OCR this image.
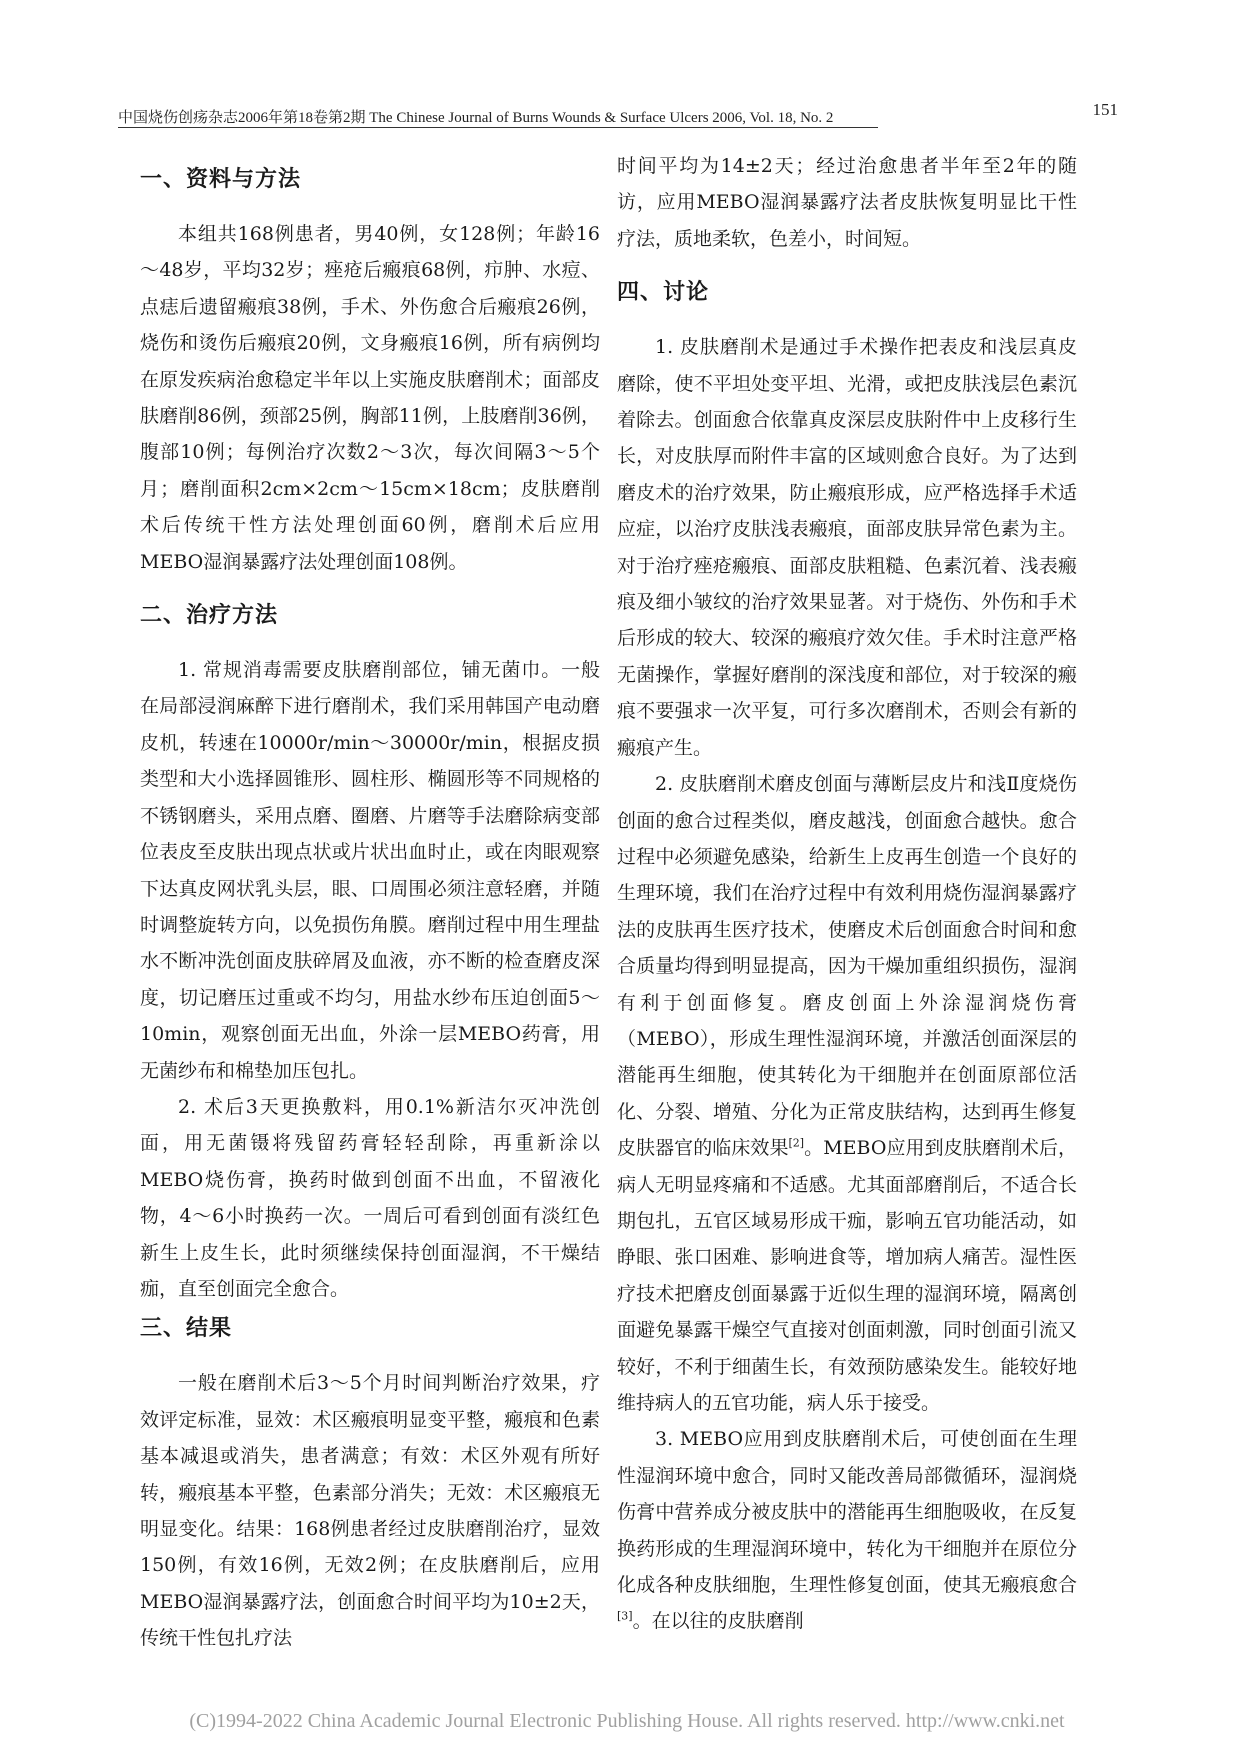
中国烧伤创疡杂志2006年第18卷第2期 The Chinese Journal of Burns Wounds & Surface Ulcers 2006, Vol. 18, No. 2	151
一、资料与方法

本组共168例患者，男40例，女128例；年龄16～48岁，平均32岁；痤疮后瘢痕68例，疖肿、水痘、点痣后遗留瘢痕38例，手术、外伤愈合后瘢痕26例，烧伤和烫伤后瘢痕20例，文身瘢痕16例，所有病例均在原发疾病治愈稳定半年以上实施皮肤磨削术；面部皮肤磨削86例，颈部25例，胸部11例，上肢磨削36例，腹部10例；每例治疗次数2～3次，每次间隔3～5个月；磨削面积2cm×2cm～15cm×18cm；皮肤磨削术后传统干性方法处理创面60例，磨削术后应用MEBO湿润暴露疗法处理创面108例。

二、治疗方法

1. 常规消毒需要皮肤磨削部位，铺无菌巾。一般在局部浸润麻醉下进行磨削术，我们采用韩国产电动磨皮机，转速在10000r/min～30000r/min，根据皮损类型和大小选择圆锥形、圆柱形、椭圆形等不同规格的不锈钢磨头，采用点磨、圈磨、片磨等手法磨除病变部位表皮至皮肤出现点状或片状出血时止，或在肉眼观察下达真皮网状乳头层，眼、口周围必须注意轻磨，并随时调整旋转方向，以免损伤角膜。磨削过程中用生理盐水不断冲洗创面皮肤碎屑及血液，亦不断的检查磨皮深度，切记磨压过重或不均匀，用盐水纱布压迫创面5～10min，观察创面无出血，外涂一层MEBO药膏，用无菌纱布和棉垫加压包扎。

2. 术后3天更换敷料，用0.1%新洁尔灭冲洗创面，用无菌镊将残留药膏轻轻刮除，再重新涂以MEBO烧伤膏，换药时做到创面不出血，不留液化物，4～6小时换药一次。一周后可看到创面有淡红色新生上皮生长，此时须继续保持创面湿润，不干燥结痂，直至创面完全愈合。

三、结果

一般在磨削术后3～5个月时间判断治疗效果，疗效评定标准，显效：术区瘢痕明显变平整，瘢痕和色素基本减退或消失，患者满意；有效：术区外观有所好转，瘢痕基本平整，色素部分消失；无效：术区瘢痕无明显变化。结果：168例患者经过皮肤磨削治疗，显效150例，有效16例，无效2例；在皮肤磨削后，应用MEBO湿润暴露疗法，创面愈合时间平均为10±2天，传统干性包扎疗法

时间平均为14±2天；经过治愈患者半年至2年的随访，应用MEBO湿润暴露疗法者皮肤恢复明显比干性疗法，质地柔软，色差小，时间短。

四、讨论

1. 皮肤磨削术是通过手术操作把表皮和浅层真皮磨除，使不平坦处变平坦、光滑，或把皮肤浅层色素沉着除去。创面愈合依靠真皮深层皮肤附件中上皮移行生长，对皮肤厚而附件丰富的区域则愈合良好。为了达到磨皮术的治疗效果，防止瘢痕形成，应严格选择手术适应症，以治疗皮肤浅表瘢痕，面部皮肤异常色素为主。对于治疗痤疮瘢痕、面部皮肤粗糙、色素沉着、浅表瘢痕及细小皱纹的治疗效果显著。对于烧伤、外伤和手术后形成的较大、较深的瘢痕疗效欠佳。手术时注意严格无菌操作，掌握好磨削的深浅度和部位，对于较深的瘢痕不要强求一次平复，可行多次磨削术，否则会有新的瘢痕产生。

2. 皮肤磨削术磨皮创面与薄断层皮片和浅Ⅱ度烧伤创面的愈合过程类似，磨皮越浅，创面愈合越快。愈合过程中必须避免感染，给新生上皮再生创造一个良好的生理环境，我们在治疗过程中有效利用烧伤湿润暴露疗法的皮肤再生医疗技术，使磨皮术后创面愈合时间和愈合质量均得到明显提高，因为干燥加重组织损伤，湿润有利于创面修复。磨皮创面上外涂湿润烧伤膏（MEBO），形成生理性湿润环境，并激活创面深层的潜能再生细胞，使其转化为干细胞并在创面原部位活化、分裂、增殖、分化为正常皮肤结构，达到再生修复皮肤器官的临床效果[2]。MEBO应用到皮肤磨削术后，病人无明显疼痛和不适感。尤其面部磨削后，不适合长期包扎，五官区域易形成干痂，影响五官功能活动，如睁眼、张口困难、影响进食等，增加病人痛苦。湿性医疗技术把磨皮创面暴露于近似生理的湿润环境，隔离创面避免暴露干燥空气直接对创面刺激，同时创面引流又较好，不利于细菌生长，有效预防感染发生。能较好地维持病人的五官功能，病人乐于接受。

3. MEBO应用到皮肤磨削术后，可使创面在生理性湿润环境中愈合，同时又能改善局部微循环，湿润烧伤膏中营养成分被皮肤中的潜能再生细胞吸收，在反复换药形成的生理湿润环境中，转化为干细胞并在原位分化成各种皮肤细胞，生理性修复创面，使其无瘢痕愈合[3]。在以往的皮肤磨削

(C)1994-2022 China Academic Journal Electronic Publishing House. All rights reserved. http://www.cnki.net
